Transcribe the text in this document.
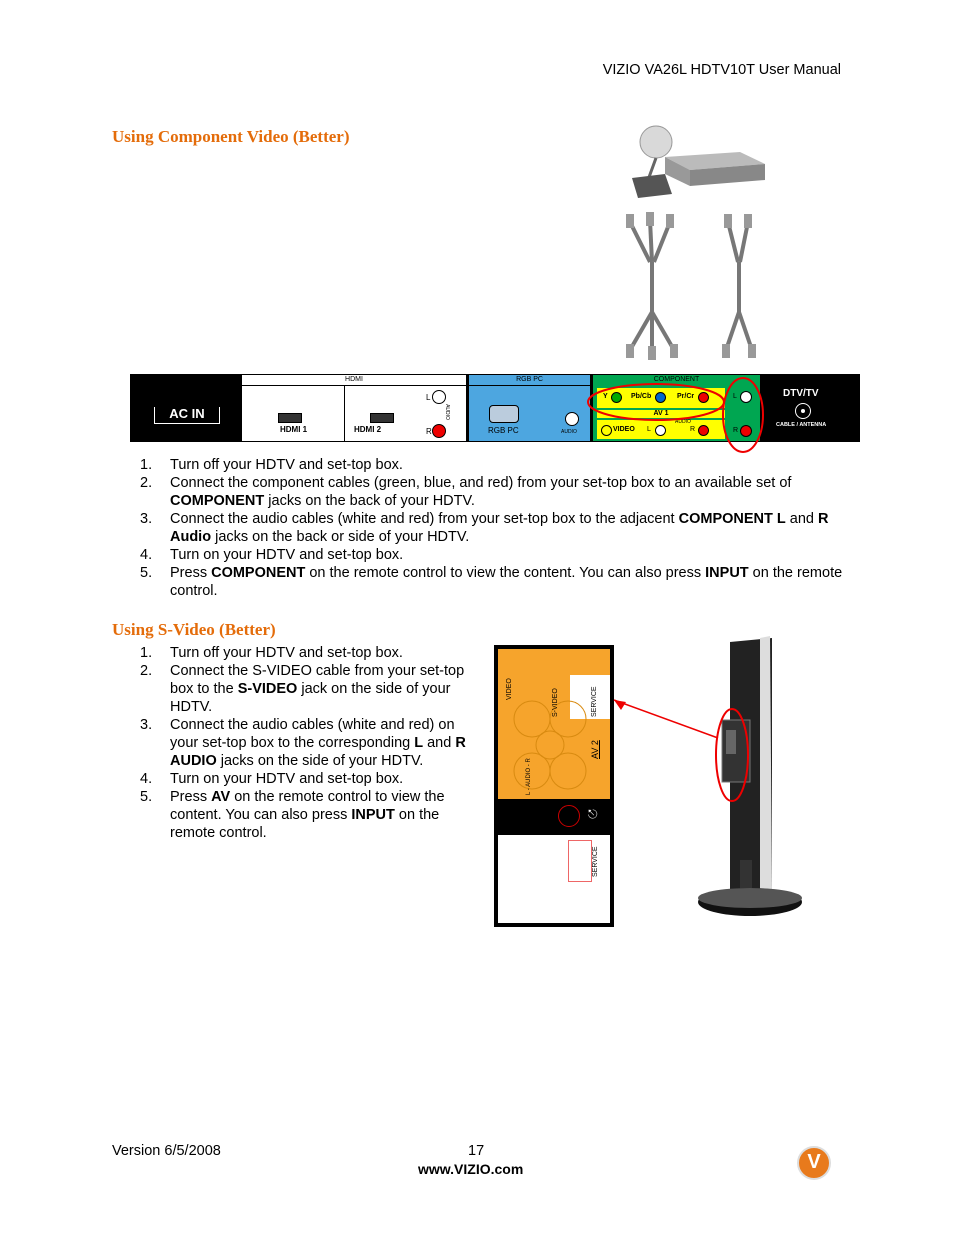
VIZIO VA26L HDTV10T User Manual
Using Component Video (Better)
AC IN
HDMI
HDMI 1	HDMI 2
L
R
AUDIO
RGB PC
RGB PC	AUDIO
COMPONENT
Y	Pb/Cb	Pr/Cr
AV 1
VIDEO L
AUDIO
R
L
R
DTV/TV
CABLE / ANTENNA
1. Turn off your HDTV and set-top box.
2. Connect the component cables (green, blue, and red) from your set-top box to an available set of COMPONENT jacks on the back of your HDTV.
3. Connect the audio cables (white and red) from your set-top box to the adjacent COMPONENT L and R Audio jacks on the back or side of your HDTV.
4. Turn on your HDTV and set-top box.
5. Press COMPONENT on the remote control to view the content. You can also press INPUT on the remote control.
Using S-Video (Better)
1. Turn off your HDTV and set-top box.
2. Connect the S-VIDEO cable from your set-top box to the S-VIDEO jack on the side of your HDTV.
3. Connect the audio cables (white and red) on your set-top box to the corresponding L and R AUDIO jacks on the side of your HDTV.
4. Turn on your HDTV and set-top box.
5. Press AV on the remote control to view the content. You can also press INPUT on the remote control.
VIDEO	S-VIDEO	SERVICE
AV 2
L - AUDIO - R
⎋
SERVICE
Version 6/5/2008	17
www.VIZIO.com	V
